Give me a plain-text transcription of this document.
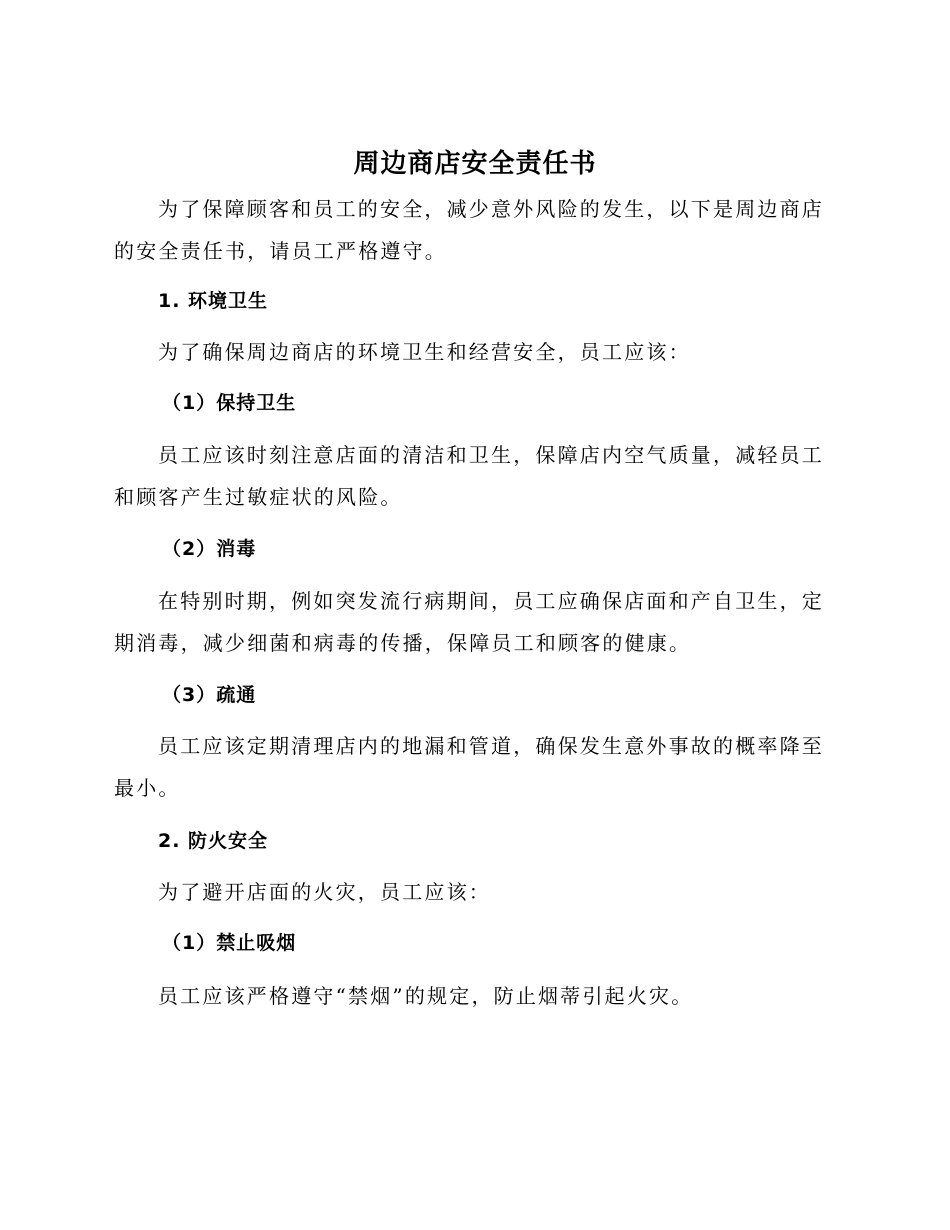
周边商店安全责任书

为了保障顾客和员工的安全，减少意外风险的发生，以下是周边商店的安全责任书，请员工严格遵守。

1. 环境卫生

为了确保周边商店的环境卫生和经营安全，员工应该：

（1）保持卫生

员工应该时刻注意店面的清洁和卫生，保障店内空气质量，减轻员工和顾客产生过敏症状的风险。

（2）消毒

在特别时期，例如突发流行病期间，员工应确保店面和产自卫生，定期消毒，减少细菌和病毒的传播，保障员工和顾客的健康。

（3）疏通

员工应该定期清理店内的地漏和管道，确保发生意外事故的概率降至最小。

2. 防火安全

为了避开店面的火灾，员工应该：

（1）禁止吸烟

员工应该严格遵守“禁烟”的规定，防止烟蒂引起火灾。
